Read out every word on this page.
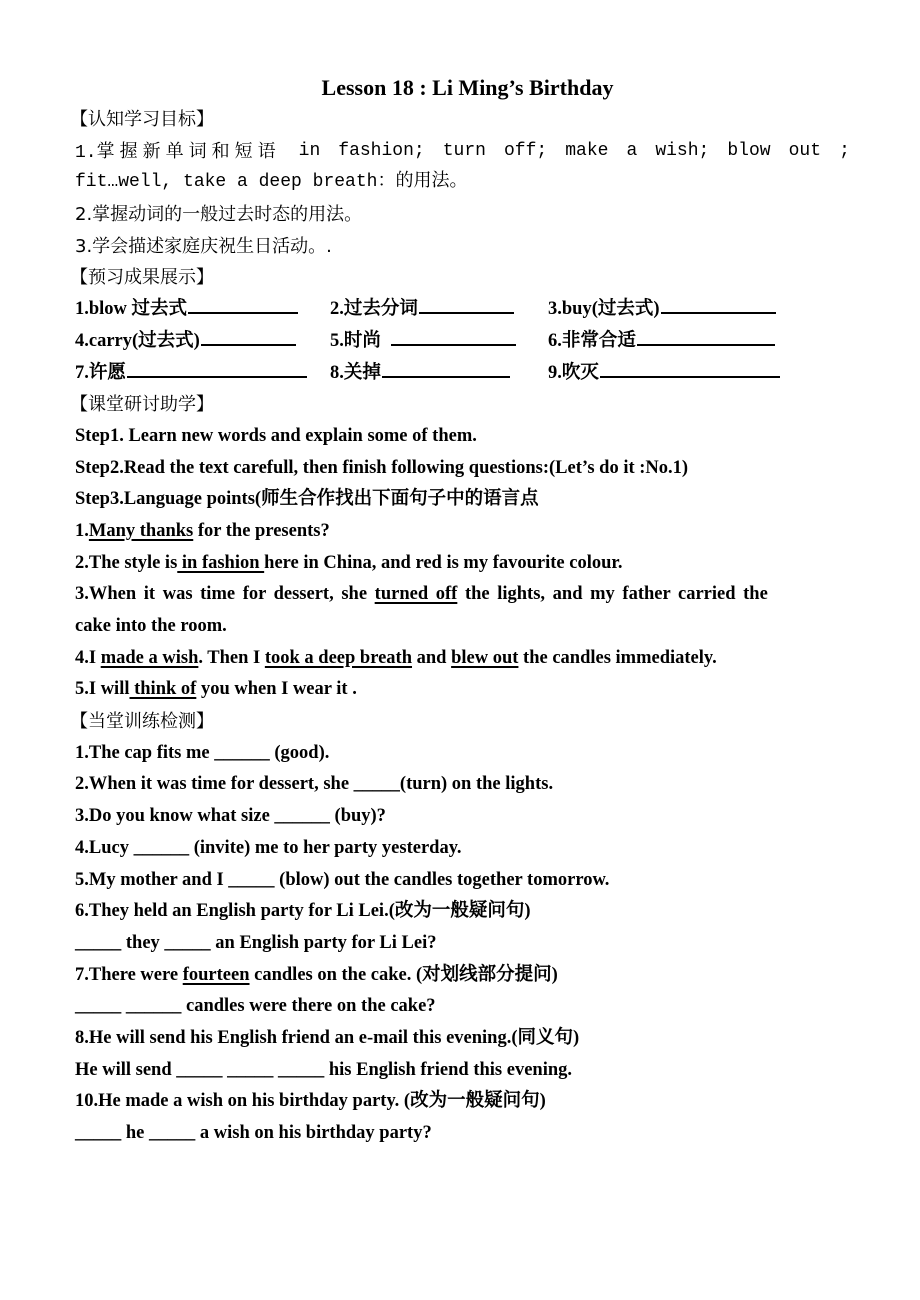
Lesson 18 : Li Ming’s Birthday
【认知学习目标】
1.掌握新单词和短语 in fashion; turn off; make a wish; blow out ;
fit…well, take a deep breath：的用法。
2.掌握动词的一般过去时态的用法。
3.学会描述家庭庆祝生日活动。.
【预习成果展示】
1.blow 过去式	2.过去分词	3.buy(过去式)
4.carry(过去式)	5.时尚	6.非常合适
7.许愿	8.关掉	9.吹灭
【课堂研讨助学】
Step1. Learn new words and explain some of them.
Step2.Read the text carefull, then finish following questions:(Let’s do it :No.1)
Step3.Language points(师生合作找出下面句子中的语言点
1.Many thanks for the presents?
2.The style is in fashion here in China, and red is my favourite colour.
3.When it was time for dessert, she turned off the lights, and my father carried the
cake into the room.
4.I made a wish. Then I took a deep breath and blew out the candles immediately.
5.I will think of you when I wear it .
【当堂训练检测】
1.The cap fits me ______ (good).
2.When it was time for dessert, she _____(turn) on the lights.
3.Do you know what size ______ (buy)?
4.Lucy ______ (invite) me to her party yesterday.
5.My mother and I _____ (blow) out the candles together tomorrow.
6.They held an English party for Li Lei.(改为一般疑问句)
_____ they _____ an English party for Li Lei?
7.There were fourteen candles on the cake. (对划线部分提问)
_____ ______ candles were there on the cake?
8.He will send his English friend an e-mail this evening.(同义句)
He will send _____ _____ _____ his English friend this evening.
10.He made a wish on his birthday party. (改为一般疑问句)
_____ he _____ a wish on his birthday party?
